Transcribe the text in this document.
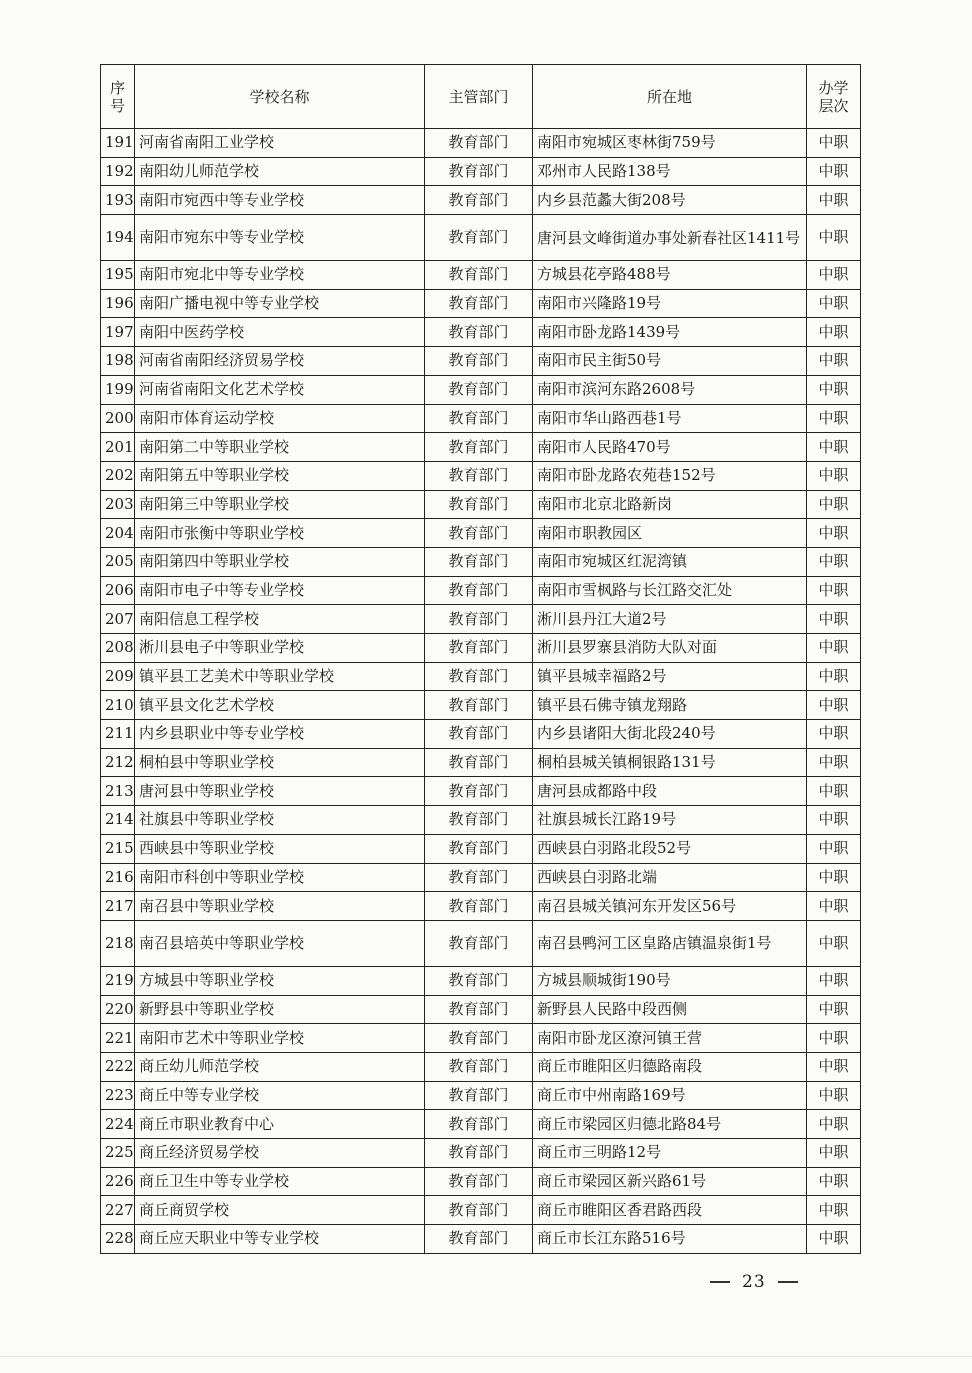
序号	学校名称	主管部门	所在地	办学层次
191	河南省南阳工业学校	教育部门	南阳市宛城区枣林街759号	中职
192	南阳幼儿师范学校	教育部门	邓州市人民路138号	中职
193	南阳市宛西中等专业学校	教育部门	内乡县范蠡大街208号	中职
194	南阳市宛东中等专业学校	教育部门	唐河县文峰街道办事处新春社区1411号	中职
195	南阳市宛北中等专业学校	教育部门	方城县花亭路488号	中职
196	南阳广播电视中等专业学校	教育部门	南阳市兴隆路19号	中职
197	南阳中医药学校	教育部门	南阳市卧龙路1439号	中职
198	河南省南阳经济贸易学校	教育部门	南阳市民主街50号	中职
199	河南省南阳文化艺术学校	教育部门	南阳市滨河东路2608号	中职
200	南阳市体育运动学校	教育部门	南阳市华山路西巷1号	中职
201	南阳第二中等职业学校	教育部门	南阳市人民路470号	中职
202	南阳第五中等职业学校	教育部门	南阳市卧龙路农苑巷152号	中职
203	南阳第三中等职业学校	教育部门	南阳市北京北路新岗	中职
204	南阳市张衡中等职业学校	教育部门	南阳市职教园区	中职
205	南阳第四中等职业学校	教育部门	南阳市宛城区红泥湾镇	中职
206	南阳市电子中等专业学校	教育部门	南阳市雪枫路与长江路交汇处	中职
207	南阳信息工程学校	教育部门	淅川县丹江大道2号	中职
208	淅川县电子中等职业学校	教育部门	淅川县罗寨县消防大队对面	中职
209	镇平县工艺美术中等职业学校	教育部门	镇平县城幸福路2号	中职
210	镇平县文化艺术学校	教育部门	镇平县石佛寺镇龙翔路	中职
211	内乡县职业中等专业学校	教育部门	内乡县诸阳大街北段240号	中职
212	桐柏县中等职业学校	教育部门	桐柏县城关镇桐银路131号	中职
213	唐河县中等职业学校	教育部门	唐河县成都路中段	中职
214	社旗县中等职业学校	教育部门	社旗县城长江路19号	中职
215	西峡县中等职业学校	教育部门	西峡县白羽路北段52号	中职
216	南阳市科创中等职业学校	教育部门	西峡县白羽路北端	中职
217	南召县中等职业学校	教育部门	南召县城关镇河东开发区56号	中职
218	南召县培英中等职业学校	教育部门	南召县鸭河工区皇路店镇温泉街1号	中职
219	方城县中等职业学校	教育部门	方城县顺城街190号	中职
220	新野县中等职业学校	教育部门	新野县人民路中段西侧	中职
221	南阳市艺术中等职业学校	教育部门	南阳市卧龙区潦河镇王营	中职
222	商丘幼儿师范学校	教育部门	商丘市睢阳区归德路南段	中职
223	商丘中等专业学校	教育部门	商丘市中州南路169号	中职
224	商丘市职业教育中心	教育部门	商丘市梁园区归德北路84号	中职
225	商丘经济贸易学校	教育部门	商丘市三明路12号	中职
226	商丘卫生中等专业学校	教育部门	商丘市梁园区新兴路61号	中职
227	商丘商贸学校	教育部门	商丘市睢阳区香君路西段	中职
228	商丘应天职业中等专业学校	教育部门	商丘市长江东路516号	中职
23
